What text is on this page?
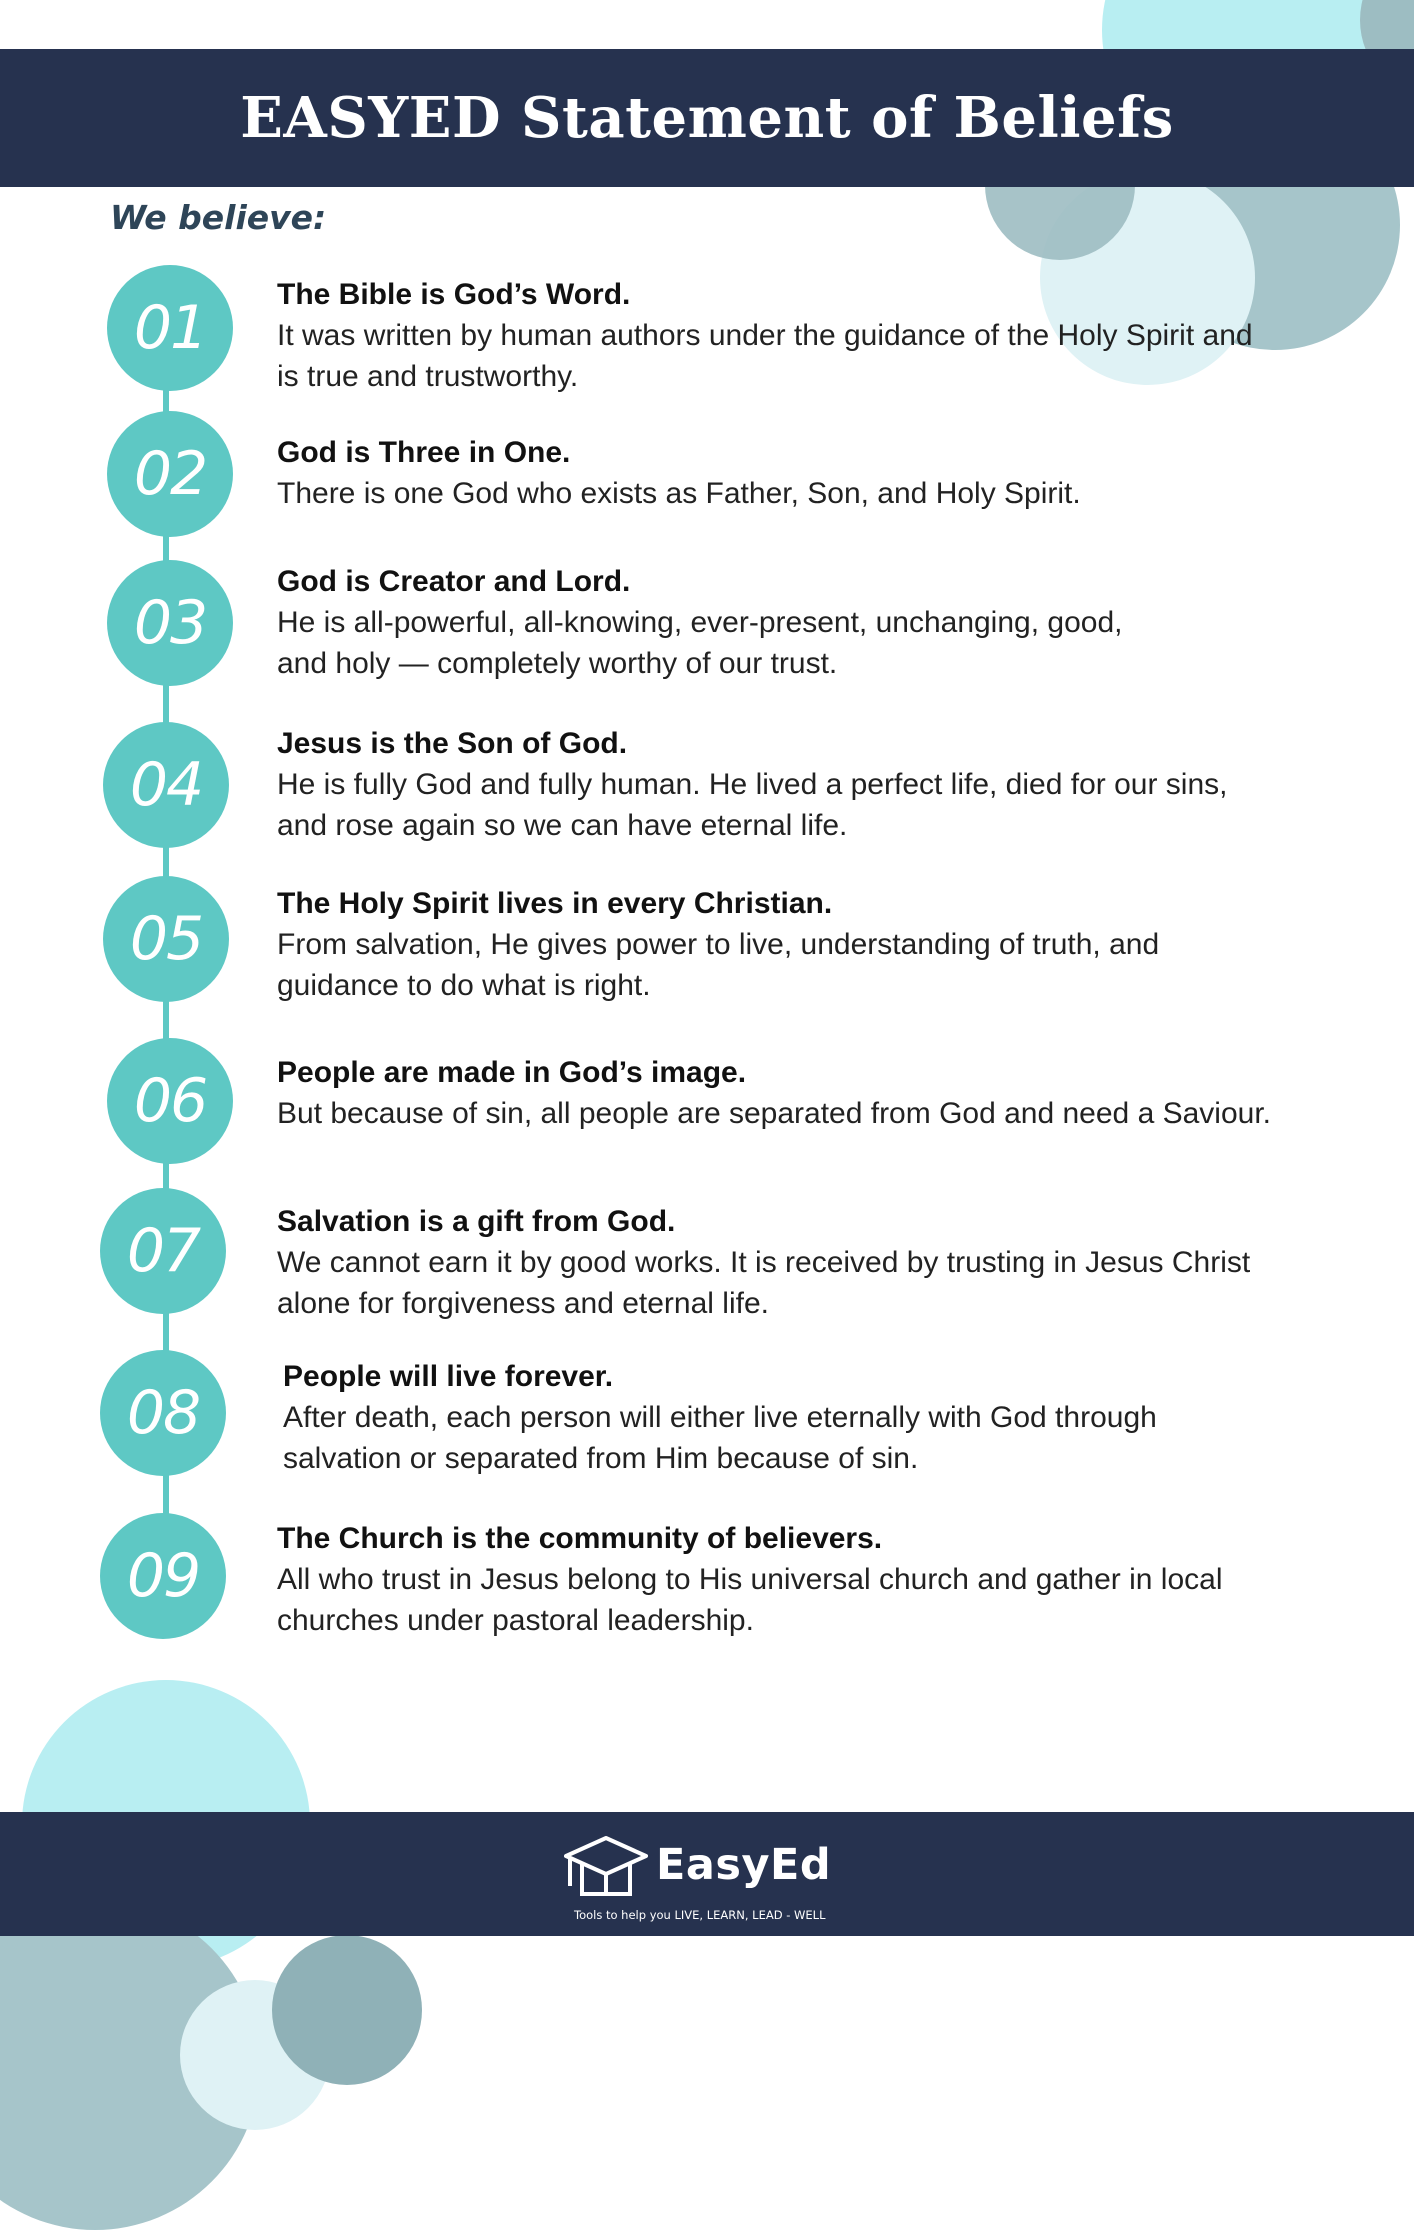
EASYED Statement of Beliefs
We believe:
01
02
03
04
05
06
07
08
09

The Bible is God’s Word.

It was written by human authors under the guidance of the Holy Spirit and is true and trustworthy.

God is Three in One.

There is one God who exists as Father, Son, and Holy Spirit.

God is Creator and Lord.

He is all-powerful, all-knowing, ever-present, unchanging, good, and holy — completely worthy of our trust.

Jesus is the Son of God.

He is fully God and fully human. He lived a perfect life, died for our sins, and rose again so we can have eternal life.

The Holy Spirit lives in every Christian.

From salvation, He gives power to live, understanding of truth, and guidance to do what is right.

People are made in God’s image.

But because of sin, all people are separated from God and need a Saviour.

Salvation is a gift from God.

We cannot earn it by good works. It is received by trusting in Jesus Christ alone for forgiveness and eternal life.

People will live forever.

After death, each person will either live eternally with God through salvation or separated from Him because of sin.

The Church is the community of believers.

All who trust in Jesus belong to His universal church and gather in local churches under pastoral leadership.

EasyEd
Tools to help you LIVE, LEARN, LEAD - WELL
